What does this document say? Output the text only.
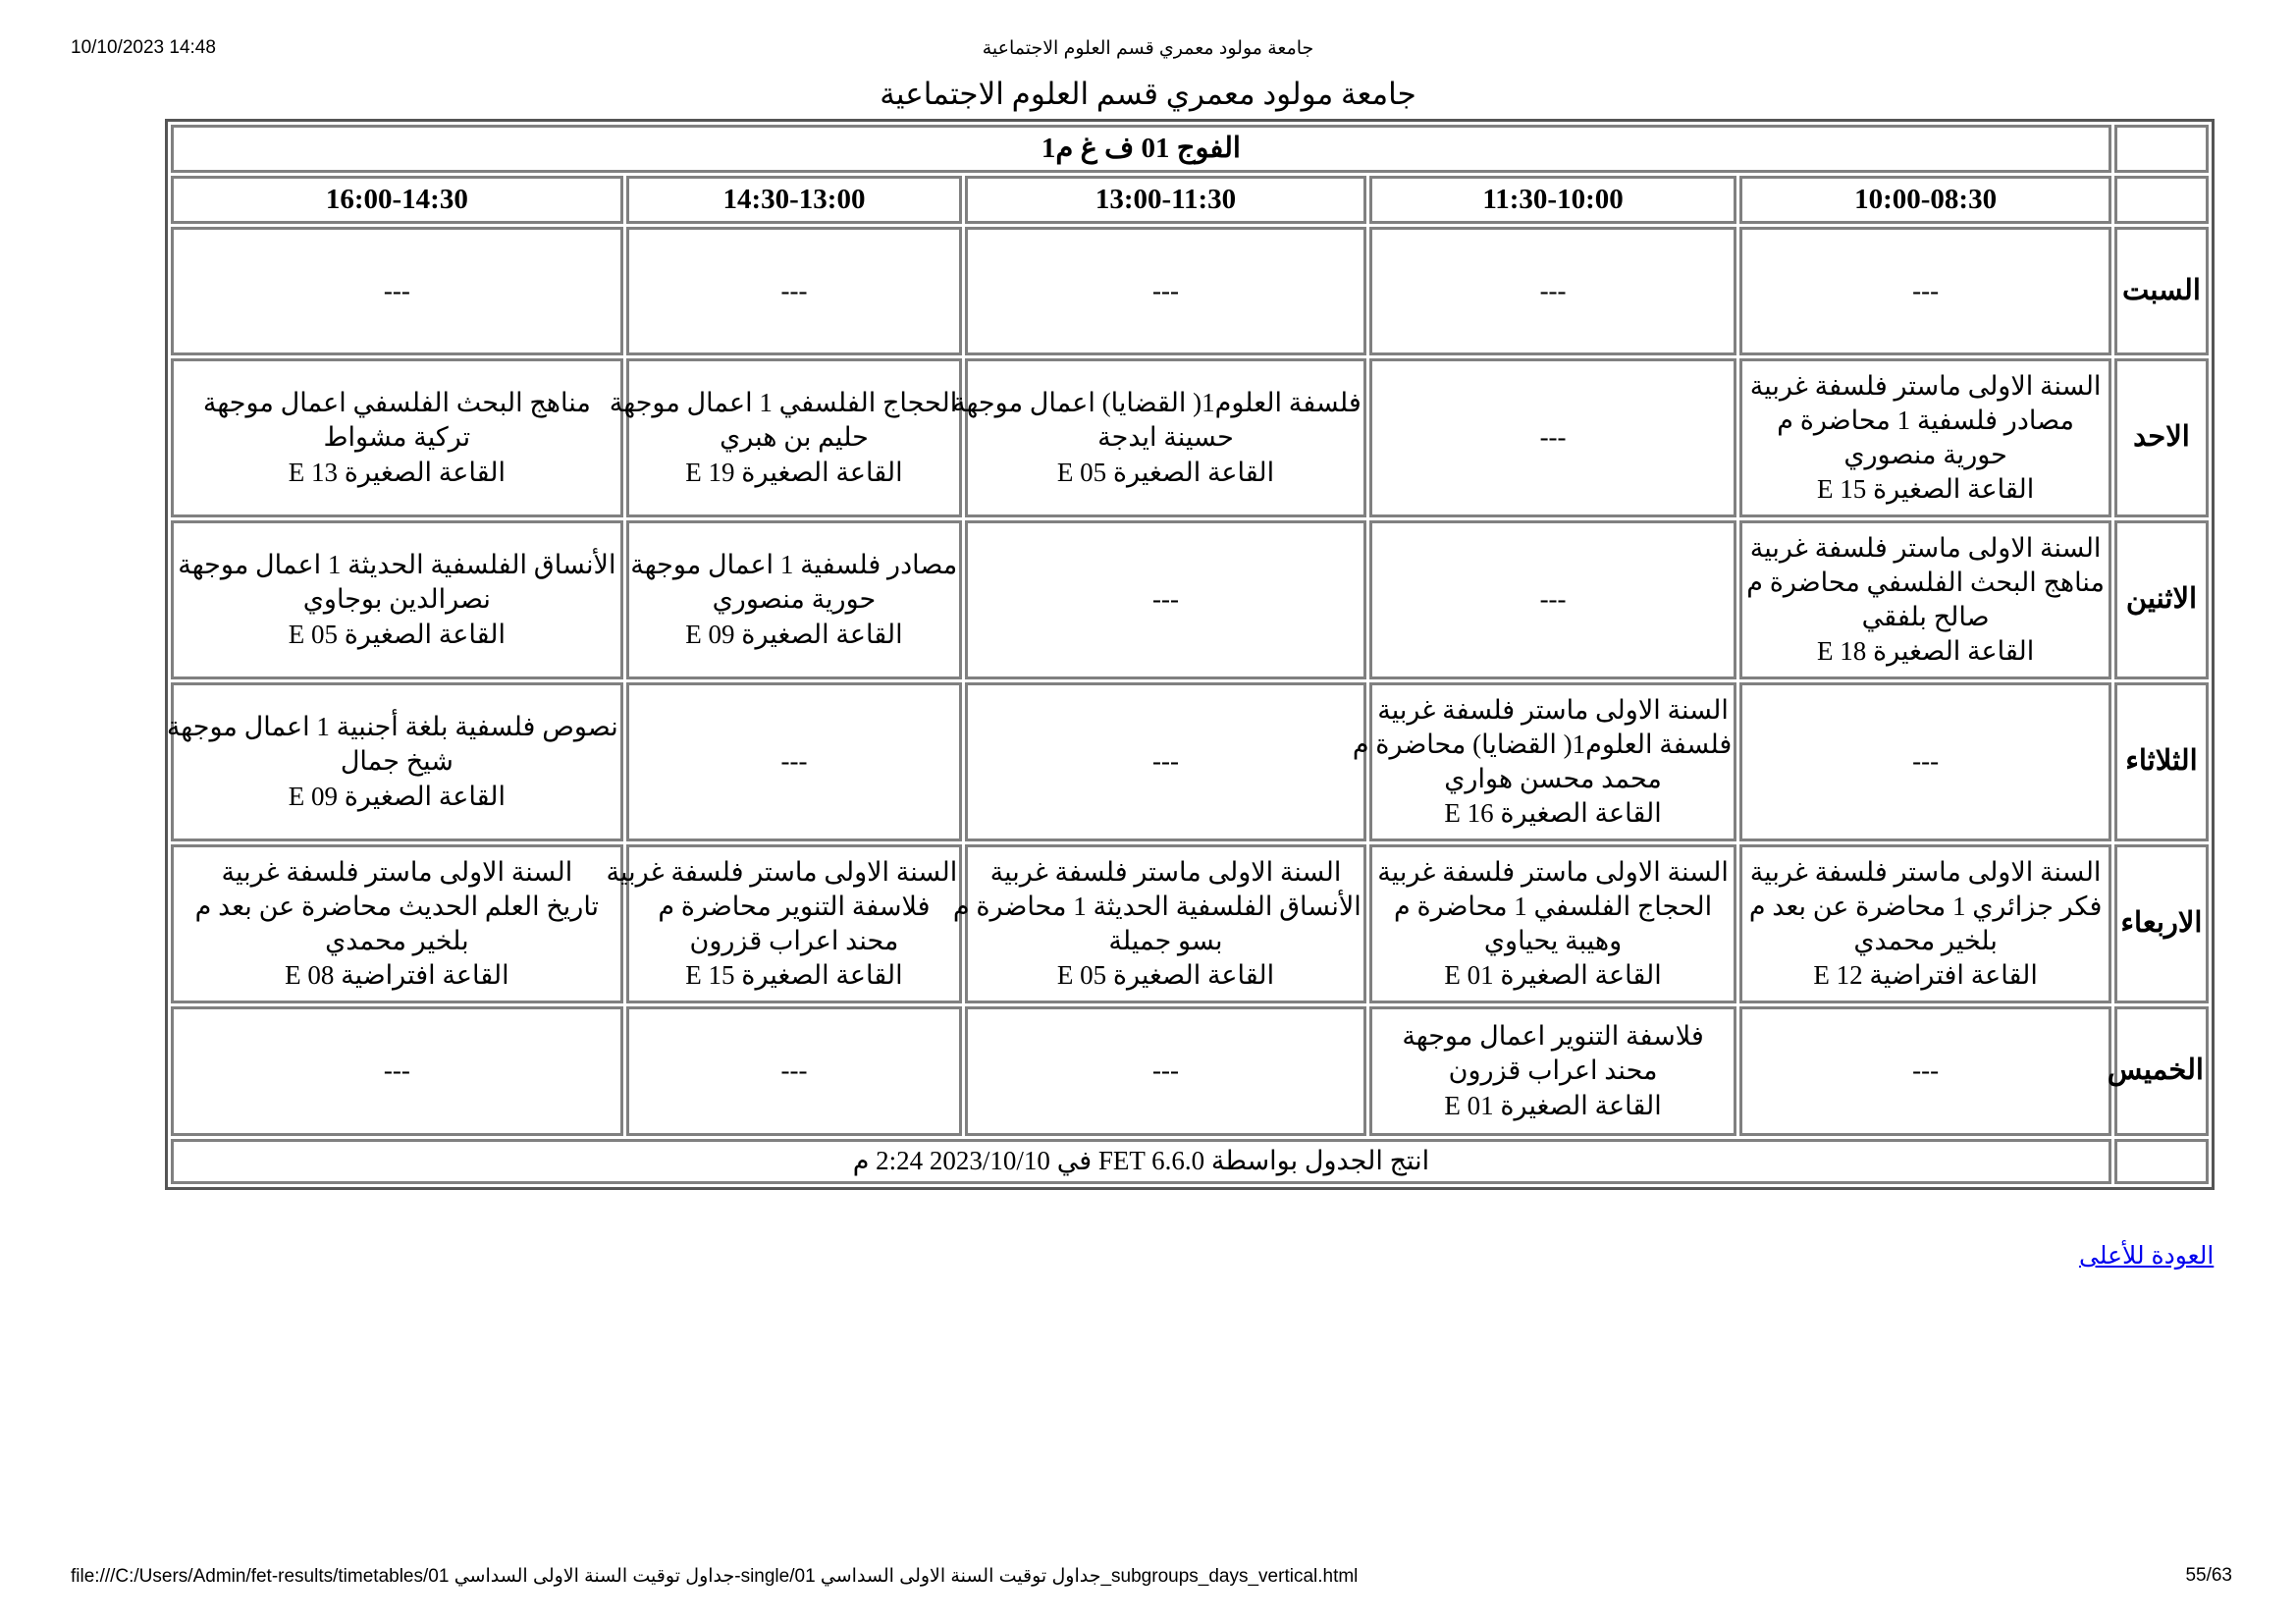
10/10/2023 14:48	جامعة مولود معمري قسم العلوم الاجتماعية
جامعة مولود معمري قسم العلوم الاجتماعية
	الفوج 01 ف غ م1				
	10:00-08:30	11:30-10:00	13:00-11:30	14:30-13:00	16:00-14:30
السبت	---	---	---	---	---

الاحد	السنة الاولى ماستر فلسفة غربية
مصادر فلسفية 1 محاضرة م
حورية منصوري
القاعة الصغيرة 15 E	---	فلسفة العلوم1( القضايا) اعمال موجهة
حسينة ايدجة
القاعة الصغيرة 05 E	الحجاج الفلسفي 1 اعمال موجهة
حليم بن هبري
القاعة الصغيرة 19 E	مناهج البحث الفلسفي اعمال موجهة
تركية مشواط
القاعة الصغيرة 13 E

الاثنين	السنة الاولى ماستر فلسفة غربية
مناهج البحث الفلسفي محاضرة م
صالح بلفقي
القاعة الصغيرة 18 E	---	---	مصادر فلسفية 1 اعمال موجهة
حورية منصوري
القاعة الصغيرة 09 E	الأنساق الفلسفية الحديثة 1 اعمال موجهة
نصرالدين بوجاوي
القاعة الصغيرة 05 E

الثلاثاء	---	السنة الاولى ماستر فلسفة غربية
فلسفة العلوم1( القضايا) محاضرة م
محمد محسن هواري
القاعة الصغيرة 16 E	---	---	نصوص فلسفية بلغة أجنبية 1 اعمال موجهة
شيخ جمال
القاعة الصغيرة 09 E

الاربعاء	السنة الاولى ماستر فلسفة غربية
فكر جزائري 1 محاضرة عن بعد م
بلخير محمدي
القاعة افتراضية 12 E	السنة الاولى ماستر فلسفة غربية
الحجاج الفلسفي 1 محاضرة م
وهيبة يحياوي
القاعة الصغيرة 01 E	السنة الاولى ماستر فلسفة غربية
الأنساق الفلسفية الحديثة 1 محاضرة م
بسو جميلة
القاعة الصغيرة 05 E	السنة الاولى ماستر فلسفة غربية
فلاسفة التنوير محاضرة م
محند اعراب قزرون
القاعة الصغيرة 15 E	السنة الاولى ماستر فلسفة غربية
تاريخ العلم الحديث محاضرة عن بعد م
بلخير محمدي
القاعة افتراضية 08 E

الخميس	---	فلاسفة التنوير اعمال موجهة
محند اعراب قزرون
القاعة الصغيرة 01 E	---	---	---

	انتج الجدول بواسطة FET 6.6.0 في 2023/10/10 2:24 م				
العودة للأعلى
file:///C:/Users/Admin/fet-results/timetables/01 جداول توقيت السنة الاولى السداسي-single/01 جداول توقيت السنة الاولى السداسي_subgroups_days_vertical.html	55/63
